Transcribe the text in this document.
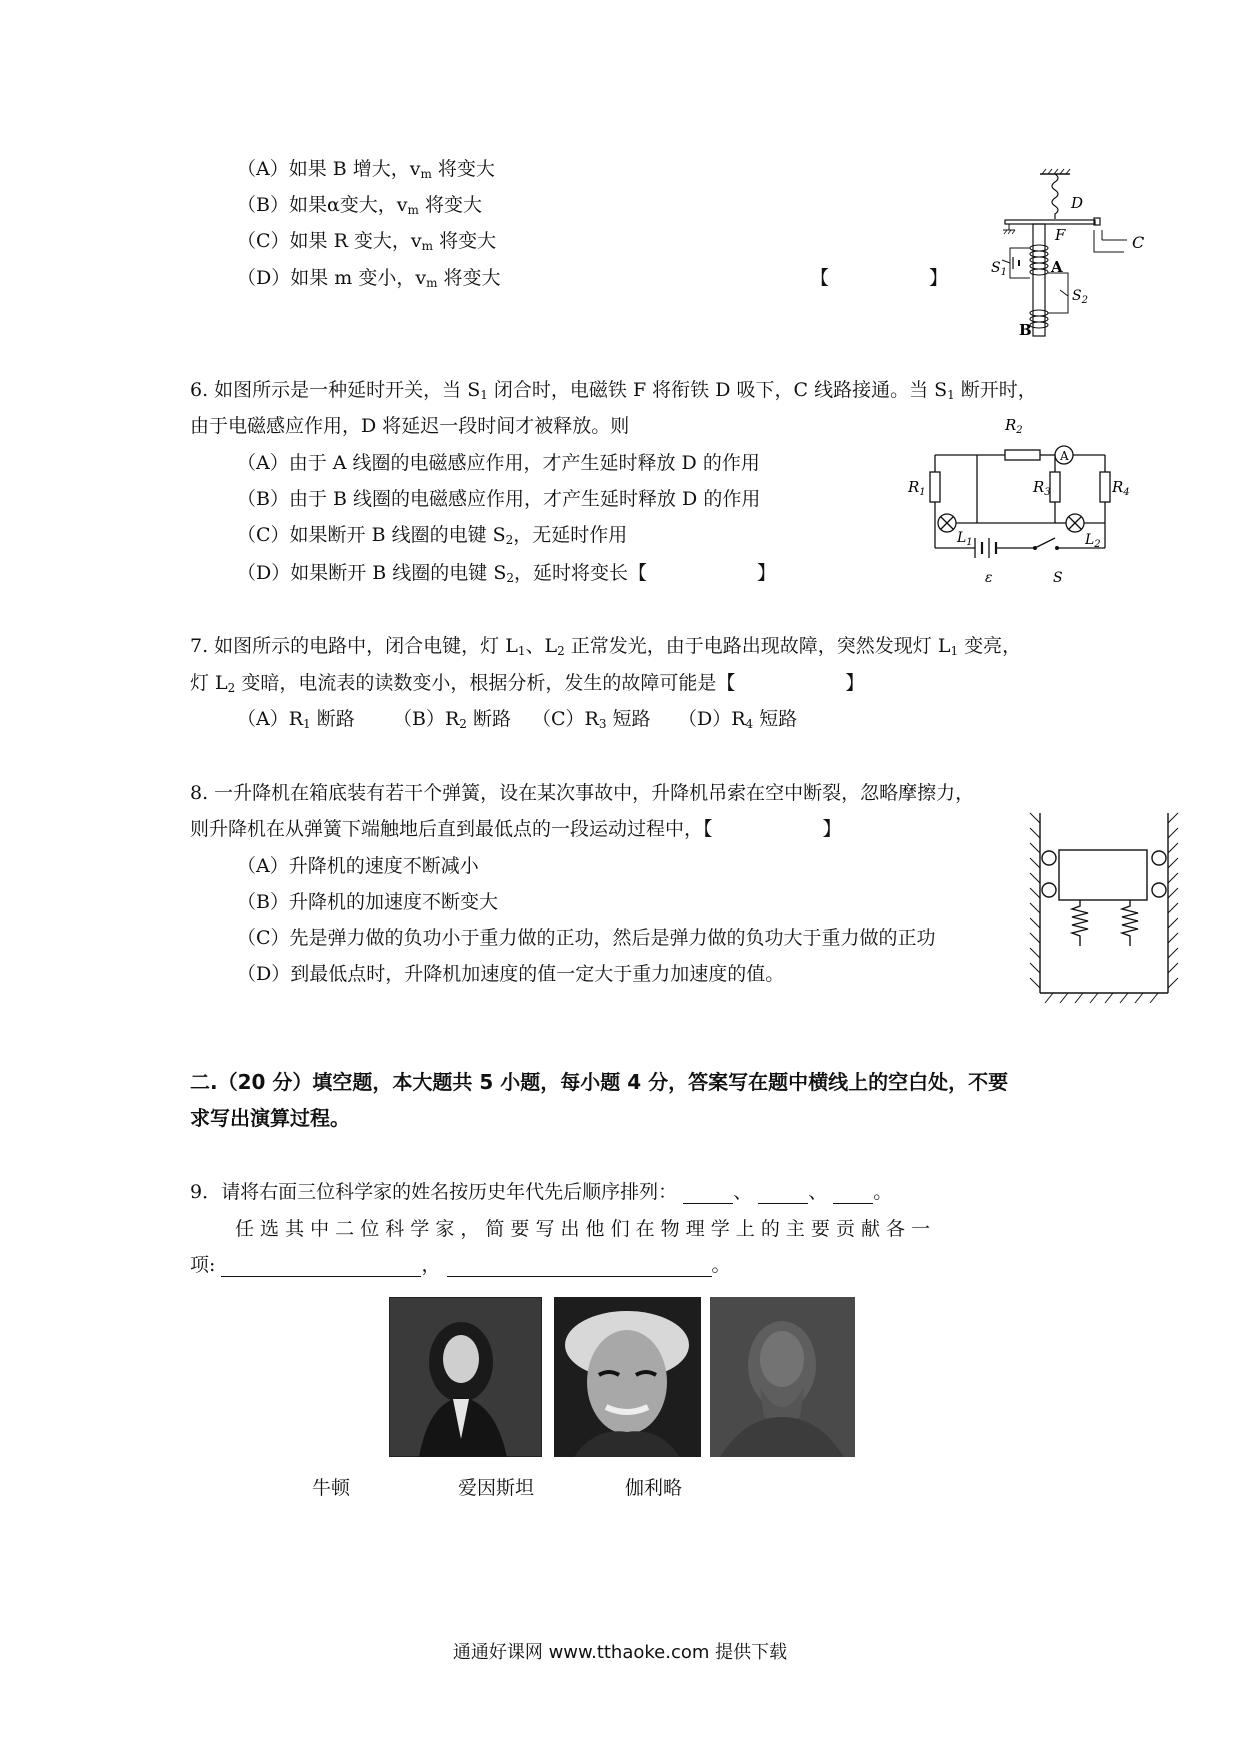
（A）如果 B 增大，$v_m$ 将变大
（B）如果α变大，$v_m$ 将变大
（C）如果 R 变大，$v_m$ 将变大
（D）如果 m 变小，$v_m$ 将变大	【	】
D
F	C
A
B
$S_1$
$S_2$
6. 如图所示是一种延时开关，当 $S_1$ 闭合时，电磁铁 F 将衔铁 D 吸下，C 线路接通。当 $S_1$ 断开时，
由于电磁感应作用，D 将延迟一段时间才被释放。则
（A）由于 A 线圈的电磁感应作用，才产生延时释放 D 的作用
（B）由于 B 线圈的电磁感应作用，才产生延时释放 D 的作用
（C）如果断开 B 线圈的电键 $S_2$，无延时作用
（D）如果断开 B 线圈的电键 $S_2$，延时将变长【	】
A
$R_2$
$R_1$	$R_3$	$R_4$
$L_1$	$L_2$
ε	S
7. 如图所示的电路中，闭合电键，灯 $L_1$、$L_2$ 正常发光，由于电路出现故障，突然发现灯 $L_1$ 变亮，
灯 $L_2$ 变暗，电流表的读数变小，根据分析，发生的故障可能是【	】
$(A)R_1$ 断路 $(B)R_2$ 断路 $(C)R_3$ 短路 $(D)R_4$ 短路
8. 一升降机在箱底装有若干个弹簧，设在某次事故中，升降机吊索在空中断裂，忽略摩擦力，
则升降机在从弹簧下端触地后直到最低点的一段运动过程中，【	】
（A）升降机的速度不断减小
（B）升降机的加速度不断变大
（C）先是弹力做的负功小于重力做的正功，然后是弹力做的负功大于重力做的正功
（D）到最低点时，升降机加速度的值一定大于重力加速度的值。
二.（20 分）填空题，本大题共 5 小题，每小题 4 分，答案写在题中横线上的空白处，不要
求写出演算过程。
9．请将右面三位科学家的姓名按历史年代先后顺序排列：	、	、 。
任 选 其 中 二 位 科 学 家 ， 简 要 写 出 他 们 在 物 理 学 上 的 主 要 贡 献 各 一
项:	，	。
牛顿	爱因斯坦	伽利略
通通好课网 www.tthaoke.com 提供下载
